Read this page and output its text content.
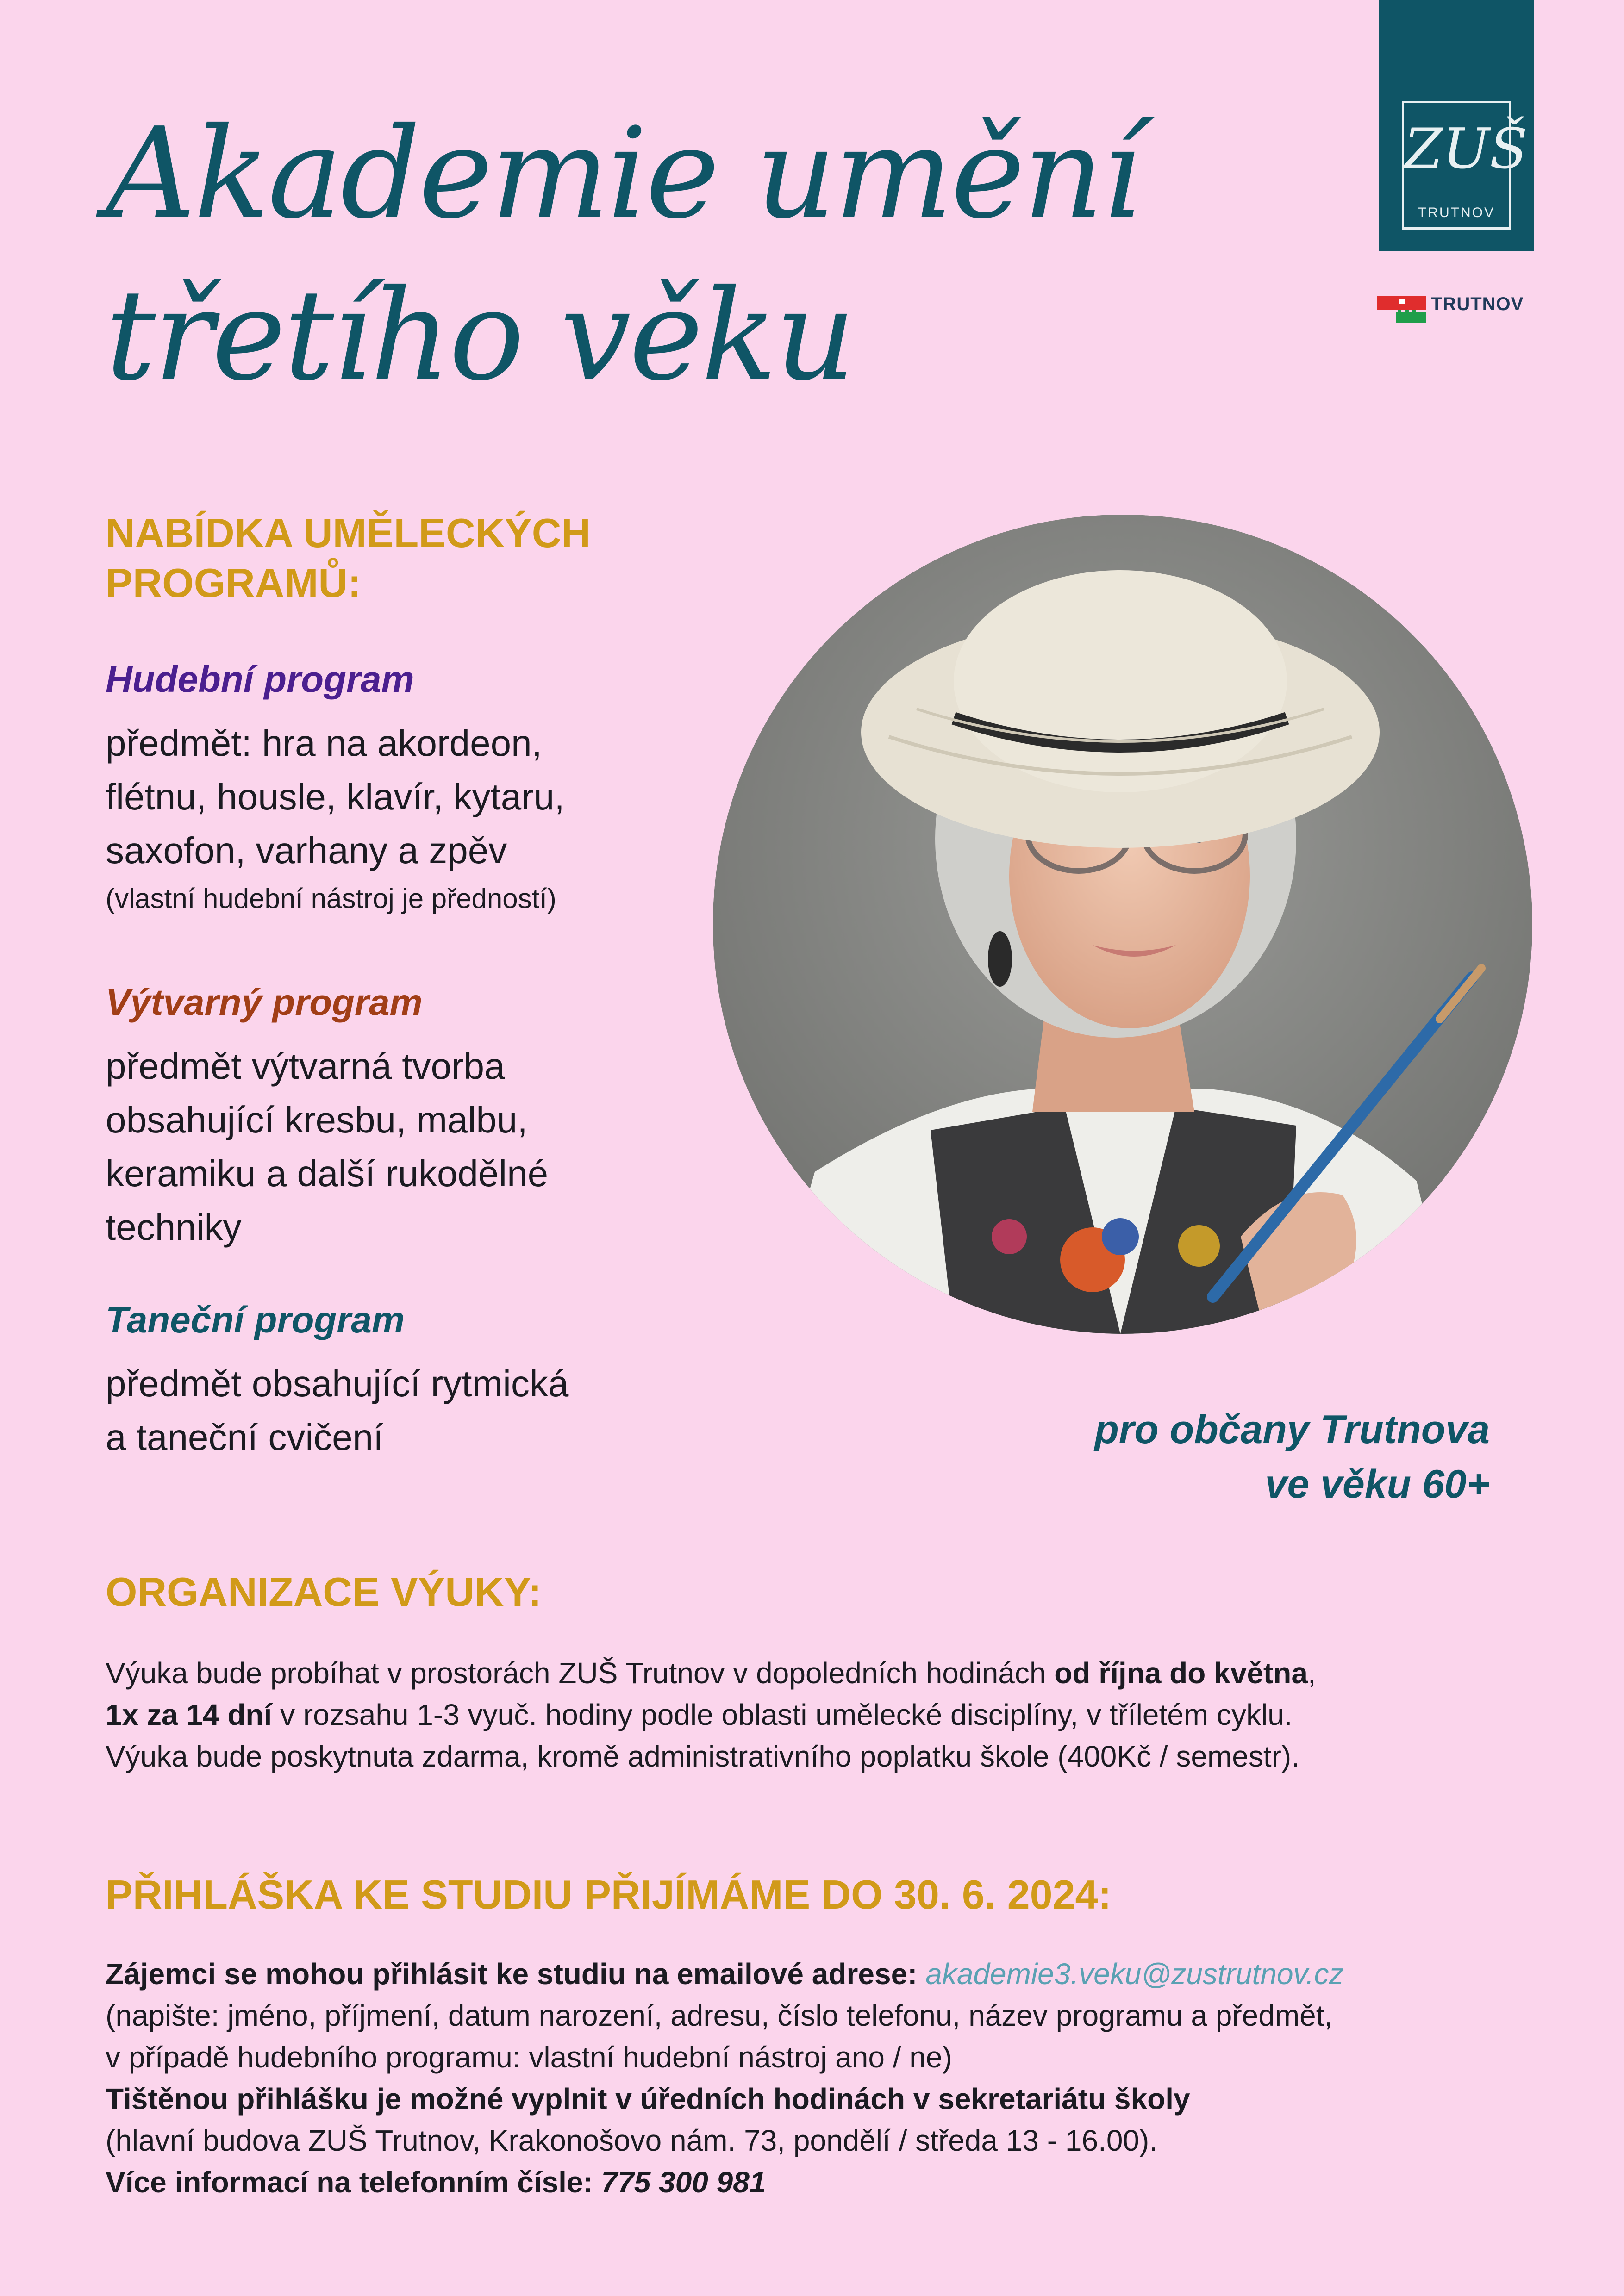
Akademie umění
třetího věku
ZUŠ
TRUTNOV
TRUTNOV
NABÍDKA UMĚLECKÝCH
PROGRAMŮ:
Hudební program
předmět: hra na akordeon,
flétnu, housle, klavír, kytaru,
saxofon, varhany a zpěv
(vlastní hudební nástroj je předností)
Výtvarný program
předmět výtvarná tvorba
obsahující kresbu, malbu,
keramiku a další rukodělné
techniky
Taneční program
předmět obsahující rytmická
a taneční cvičení	pro občany Trutnova
ve věku 60+
ORGANIZACE VÝUKY:
Výuka bude probíhat v prostorách ZUŠ Trutnov v dopoledních hodinách od října do května,
1x za 14 dní v rozsahu 1-3 vyuč. hodiny podle oblasti umělecké disciplíny, v tříletém cyklu.
Výuka bude poskytnuta zdarma, kromě administrativního poplatku škole (400Kč / semestr).
PŘIHLÁŠKA KE STUDIU PŘIJÍMÁME DO 30. 6. 2024:
Zájemci se mohou přihlásit ke studiu na emailové adrese: akademie3.veku@zustrutnov.cz
(napište: jméno, příjmení, datum narození, adresu, číslo telefonu, název programu a předmět,
v případě hudebního programu: vlastní hudební nástroj ano / ne)
Tištěnou přihlášku je možné vyplnit v úředních hodinách v sekretariátu školy
(hlavní budova ZUŠ Trutnov, Krakonošovo nám. 73, pondělí / středa 13 - 16.00).
Více informací na telefonním čísle: 775 300 981
